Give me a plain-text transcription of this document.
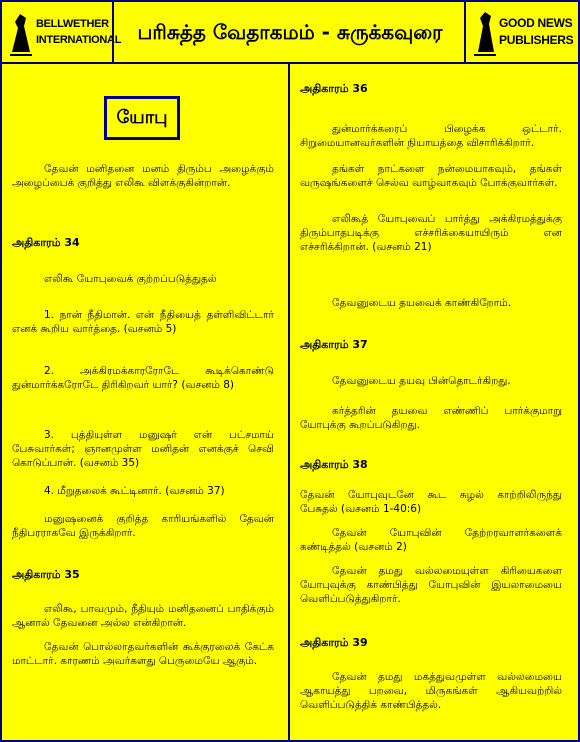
BELLWETHER
INTERNATIONAL பரிசுத்த வேதாகமம் - சுருக்கவுரை	GOOD NEWS
PUBLISHERS
யோபு
தேவன் மனிதனை மனம் திரும்ப அழைக்கும் அழைப்பைக் குறித்து எலிகூ விளக்குகின்றான்.
அதிகாரம் 34
எலிகூ யோபுவைக் குற்றப்படுத்துதல்
1. நான் நீதிமான். என் நீதியைத் தள்ளிவிட்டார் எனக் கூறிய வார்த்தை. (வசனம் 5)
2. அக்கிரமக்காரரோடே கூடிக்கொண்டு துன்மார்க்கரோடே திரிகிறவர் யார்? (வசனம் 8)
3. புத்தியுள்ள மனுஷர் என் பட்சமாய் பேசுவார்கள்; ஞானமுள்ள மனிதன் எனக்குச் செவி கொடுப்பான். (வசனம் 35)
4. மீறுதலைக் கூட்டினார். (வசனம் 37)
மனுஷனைக் குறித்த காரியங்களில் தேவன் நீதிபரராகவே இருக்கிறார்.
அதிகாரம் 35
எலிகூ, பாவமும், நீதியும் மனிதனைப் பாதிக்கும் ஆனால் தேவனை அல்ல என்கிறான்.
தேவன் பொல்லாதவர்களின் கூக்குரலைக் கேட்க மாட்டார். காரணம் அவர்களது பெருமையே ஆகும்.
அதிகாரம் 36
துன்மார்க்கரைப் பிழைக்க ஒட்டார். சிறுமையானவர்களின் நியாயத்தை விசாரிக்கிறார்.
தங்கள் நாட்களை நன்மையாகவும், தங்கள் வருஷங்களைச் செல்வ வாழ்வாகவும் போக்குவார்கள்.
எலிகூத் யோபுவைப் பார்த்து அக்கிரமத்துக்கு திரும்பாதபடிக்கு எச்சரிக்கையாயிரும் என எச்சரிக்கிறான். (வசனம் 21)
தேவனுடைய தயவைக் காண்கிறோம்.
அதிகாரம் 37
தேவனுடைய தயவு பின்தொடர்கிறது.
கர்த்தரின் தயவை எண்ணிப் பார்க்குமாறு யோபுக்கு கூறப்படுகிறது.
அதிகாரம் 38
தேவன் யோபுவுடனே கூட சுழல் காற்றிலிருந்து பேசுதல் (வசனம் 1-40:6)
தேவன் யோபுவின் தேற்றரவாளர்களைக் கண்டித்தல் (வசனம் 2)
தேவன் தமது வல்லமையுள்ள கிரியைகளை யோபுவுக்கு காண்பித்து யோபுவின் இயலாமையை வெளிப்படுத்துகிறார்.
அதிகாரம் 39
தேவன் தமது மகத்துவமுள்ள வல்லமையை ஆகாயத்து பறவை, மிருகங்கள் ஆகியவற்றில் வெளிப்படுத்திக் காண்பித்தல்.
